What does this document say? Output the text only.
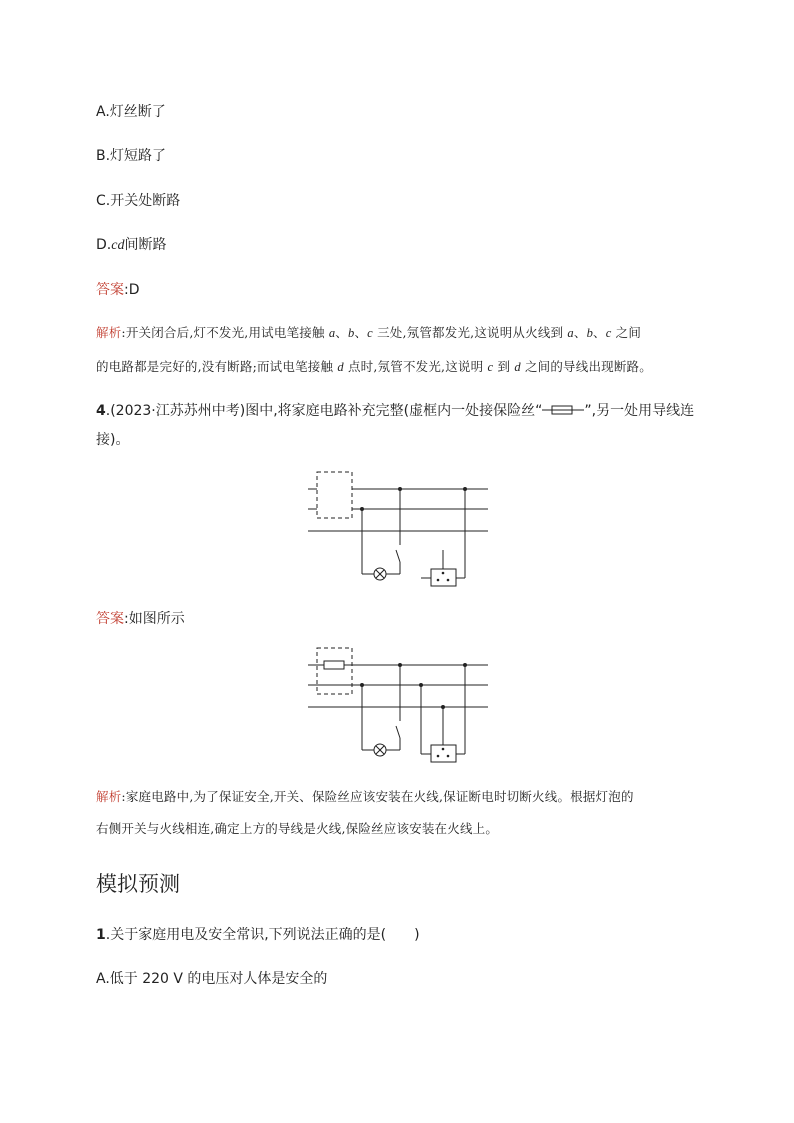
A.灯丝断了
B.灯短路了
C.开关处断路
D.cd间断路
答案:D
解析:开关闭合后,灯不发光,用试电笔接触 a、b、c 三处,氖管都发光,这说明从火线到 a、b、c 之间
的电路都是完好的,没有断路;而试电笔接触 d 点时,氖管不发光,这说明 c 到 d 之间的导线出现断路。
4.(2023·江苏苏州中考)图中,将家庭电路补充完整(虚框内一处接保险丝“	”,另一处用导线连
接)。
答案:如图所示
解析:家庭电路中,为了保证安全,开关、保险丝应该安装在火线,保证断电时切断火线。根据灯泡的
右侧开关与火线相连,确定上方的导线是火线,保险丝应该安装在火线上。
模拟预测
1.关于家庭用电及安全常识,下列说法正确的是(　　)
A.低于 220 V 的电压对人体是安全的
